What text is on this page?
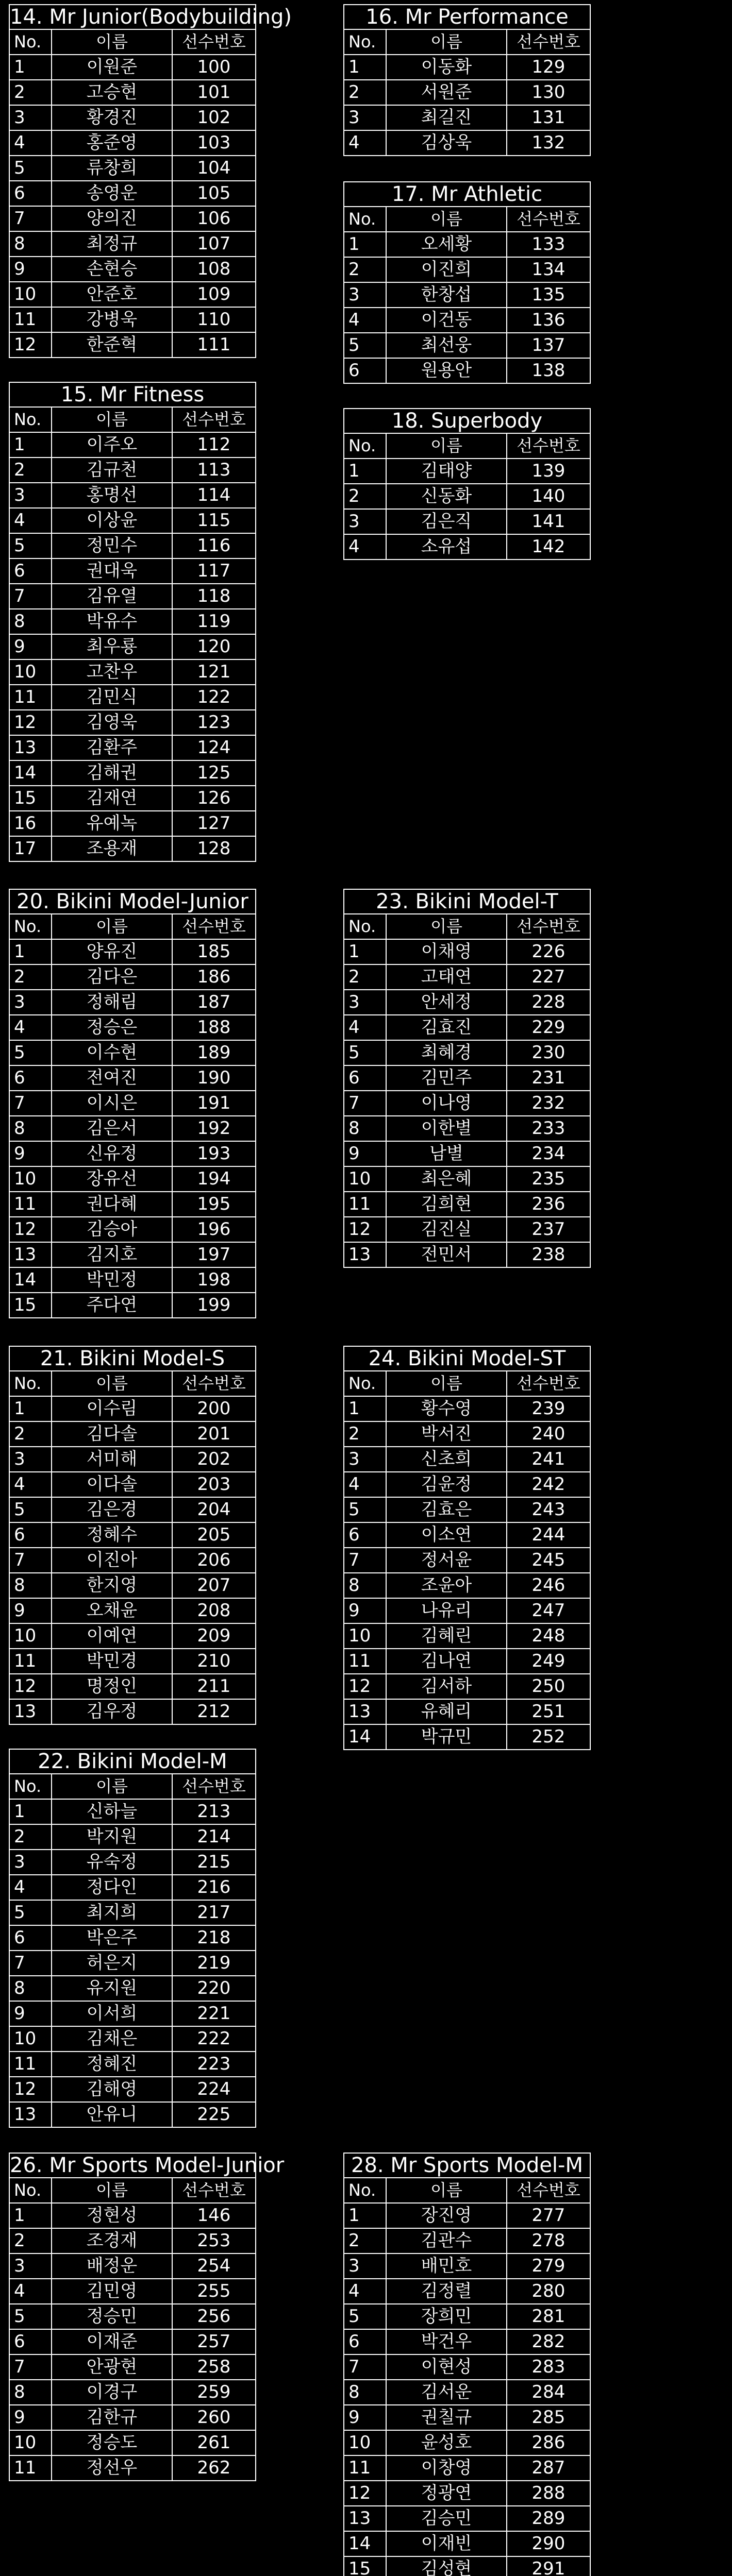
14. Mr Junior(Bodybuilding)
No.	이름	선수번호
1	이원준	100
2	고승현	101
3	황경진	102
4	홍준영	103
5	류창희	104
6	송영운	105
7	양의진	106
8	최정규	107
9	손현승	108
10	안준호	109
11	강병욱	110
12	한준혁	111
16. Mr Performance
No.	이름	선수번호
1	이동화	129
2	서원준	130
3	최길진	131
4	김상욱	132
17. Mr Athletic
No.	이름	선수번호
1	오세황	133
2	이진희	134
3	한창섭	135
4	이건동	136
5	최선웅	137
6	원용안	138
15. Mr Fitness
No.	이름	선수번호
1	이주오	112
2	김규천	113
3	홍명선	114
4	이상윤	115
5	정민수	116
6	권대욱	117
7	김유열	118
8	박유수	119
9	최우룡	120
10	고찬우	121
11	김민식	122
12	김영욱	123
13	김환주	124
14	김해권	125
15	김재연	126
16	유예녹	127
17	조용재	128
18. Superbody
No.	이름	선수번호
1	김태양	139
2	신동화	140
3	김은직	141
4	소유섭	142
20. Bikini Model-Junior
No.	이름	선수번호
1	양유진	185
2	김다은	186
3	정해림	187
4	정승은	188
5	이수현	189
6	전여진	190
7	이시은	191
8	김은서	192
9	신유정	193
10	장유선	194
11	권다혜	195
12	김승아	196
13	김지호	197
14	박민정	198
15	주다연	199
23. Bikini Model-T
No.	이름	선수번호
1	이채영	226
2	고태연	227
3	안세정	228
4	김효진	229
5	최혜경	230
6	김민주	231
7	이나영	232
8	이한별	233
9	남별	234
10	최은혜	235
11	김희현	236
12	김진실	237
13	전민서	238
21. Bikini Model-S
No.	이름	선수번호
1	이수림	200
2	김다솔	201
3	서미해	202
4	이다솔	203
5	김은경	204
6	정혜수	205
7	이진아	206
8	한지영	207
9	오채윤	208
10	이예연	209
11	박민경	210
12	명정인	211
13	김우정	212
24. Bikini Model-ST
No.	이름	선수번호
1	황수영	239
2	박서진	240
3	신초희	241
4	김윤정	242
5	김효은	243
6	이소연	244
7	정서윤	245
8	조윤아	246
9	나유리	247
10	김혜린	248
11	김나연	249
12	김서하	250
13	유혜리	251
14	박규민	252
22. Bikini Model-M
No.	이름	선수번호
1	신하늘	213
2	박지원	214
3	유숙정	215
4	정다인	216
5	최지희	217
6	박은주	218
7	허은지	219
8	유지원	220
9	이서희	221
10	김채은	222
11	정혜진	223
12	김해영	224
13	안유니	225
26. Mr Sports Model-Junior
No.	이름	선수번호
1	정현성	146
2	조경재	253
3	배정운	254
4	김민영	255
5	정승민	256
6	이재준	257
7	안광현	258
8	이경구	259
9	김한규	260
10	정승도	261
11	정선우	262
28. Mr Sports Model-M
No.	이름	선수번호
1	장진영	277
2	김관수	278
3	배민호	279
4	김정렬	280
5	장희민	281
6	박건우	282
7	이현성	283
8	김서운	284
9	권칠규	285
10	윤성호	286
11	이창영	287
12	정광연	288
13	김승민	289
14	이재빈	290
15	김성현	291
